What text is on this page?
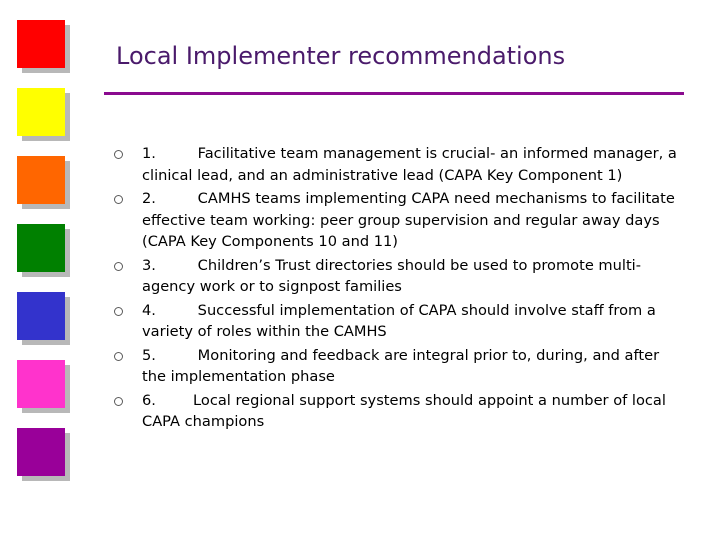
Local Implementer recommendations
1.         Facilitative team management is crucial- an informed manager, a clinical lead, and an administrative lead (CAPA Key Component 1)
2.         CAMHS teams implementing CAPA need mechanisms to facilitate effective team working: peer group supervision and regular away days (CAPA Key Components 10 and 11)
3.         Children’s Trust directories should be used to promote multi-agency work or to signpost families
4.         Successful implementation of CAPA should involve staff from a variety of roles within the CAMHS
5.         Monitoring and feedback are integral prior to, during, and after the implementation phase
6.        Local regional support systems should appoint a number of local CAPA champions
